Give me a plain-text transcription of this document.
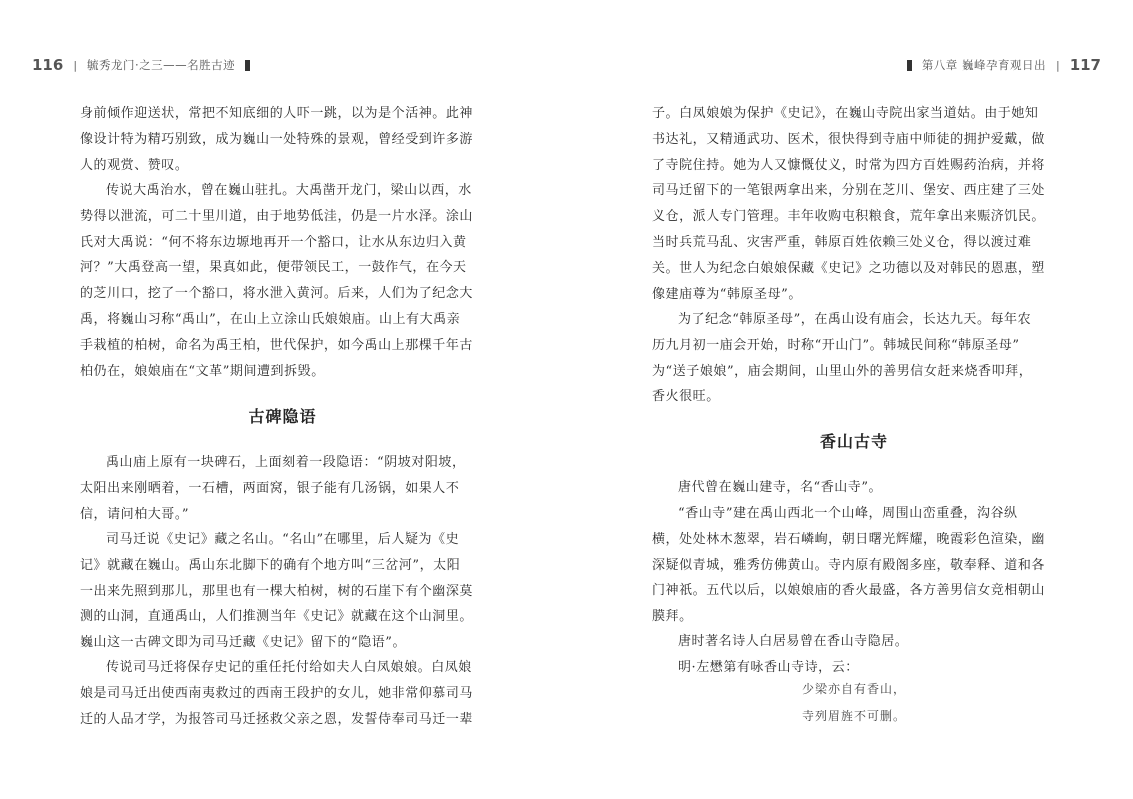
116 | 毓秀龙门·之三——名胜古迹

身前倾作迎送状，常把不知底细的人吓一跳，以为是个活神。此神
像设计特为精巧别致，成为巍山一处特殊的景观，曾经受到许多游
人的观赏、赞叹。

传说大禹治水，曾在巍山驻扎。大禹凿开龙门，梁山以西，水
势得以泄流，可二十里川道，由于地势低洼，仍是一片水泽。涂山
氏对大禹说：“何不将东边塬地再开一个豁口，让水从东边归入黄
河？”大禹登高一望，果真如此，便带领民工，一鼓作气，在今天
的芝川口，挖了一个豁口，将水泄入黄河。后来，人们为了纪念大
禹，将巍山习称“禹山”，在山上立涂山氏娘娘庙。山上有大禹亲
手栽植的柏树，命名为禹王柏，世代保护，如今禹山上那棵千年古
柏仍在，娘娘庙在“文革”期间遭到拆毁。

古碑隐语

禹山庙上原有一块碑石，上面刻着一段隐语：“阴坡对阳坡，
太阳出来刚晒着，一石槽，两面窝，银子能有几汤锅，如果人不
信，请问柏大哥。”

司马迁说《史记》藏之名山。“名山”在哪里，后人疑为《史
记》就藏在巍山。禹山东北脚下的确有个地方叫“三岔河”，太阳
一出来先照到那儿，那里也有一棵大柏树，树的石崖下有个幽深莫
测的山洞，直通禹山，人们推测当年《史记》就藏在这个山洞里。
巍山这一古碑文即为司马迁藏《史记》留下的“隐语”。

传说司马迁将保存史记的重任托付给如夫人白凤娘娘。白凤娘
娘是司马迁出使西南夷救过的西南王段护的女儿，她非常仰慕司马
迁的人品才学，为报答司马迁拯救父亲之恩，发誓侍奉司马迁一辈

第八章 巍峰孕育观日出 | 117

子。白凤娘娘为保护《史记》，在巍山寺院出家当道姑。由于她知
书达礼，又精通武功、医术，很快得到寺庙中师徒的拥护爱戴，做
了寺院住持。她为人又慷慨仗义，时常为四方百姓赐药治病，并将
司马迁留下的一笔银两拿出来，分别在芝川、堡安、西庄建了三处
义仓，派人专门管理。丰年收购屯积粮食，荒年拿出来赈济饥民。
当时兵荒马乱、灾害严重，韩原百姓依赖三处义仓，得以渡过难
关。世人为纪念白娘娘保藏《史记》之功德以及对韩民的恩惠，塑
像建庙尊为“韩原圣母”。

为了纪念“韩原圣母”，在禹山设有庙会，长达九天。每年农
历九月初一庙会开始，时称“开山门”。韩城民间称“韩原圣母”
为“送子娘娘”，庙会期间，山里山外的善男信女赶来烧香叩拜，
香火很旺。

香山古寺

唐代曾在巍山建寺，名“香山寺”。

“香山寺”建在禹山西北一个山峰，周围山峦重叠，沟谷纵
横，处处林木葱翠，岩石嶙峋，朝日曙光辉耀，晚霞彩色渲染，幽
深疑似青城，雅秀仿佛黄山。寺内原有殿阁多座，敬奉释、道和各
门神祇。五代以后，以娘娘庙的香火最盛，各方善男信女竞相朝山
膜拜。

唐时著名诗人白居易曾在香山寺隐居。

明·左懋第有咏香山寺诗，云：

少梁亦自有香山，
寺列眉旌不可删。
